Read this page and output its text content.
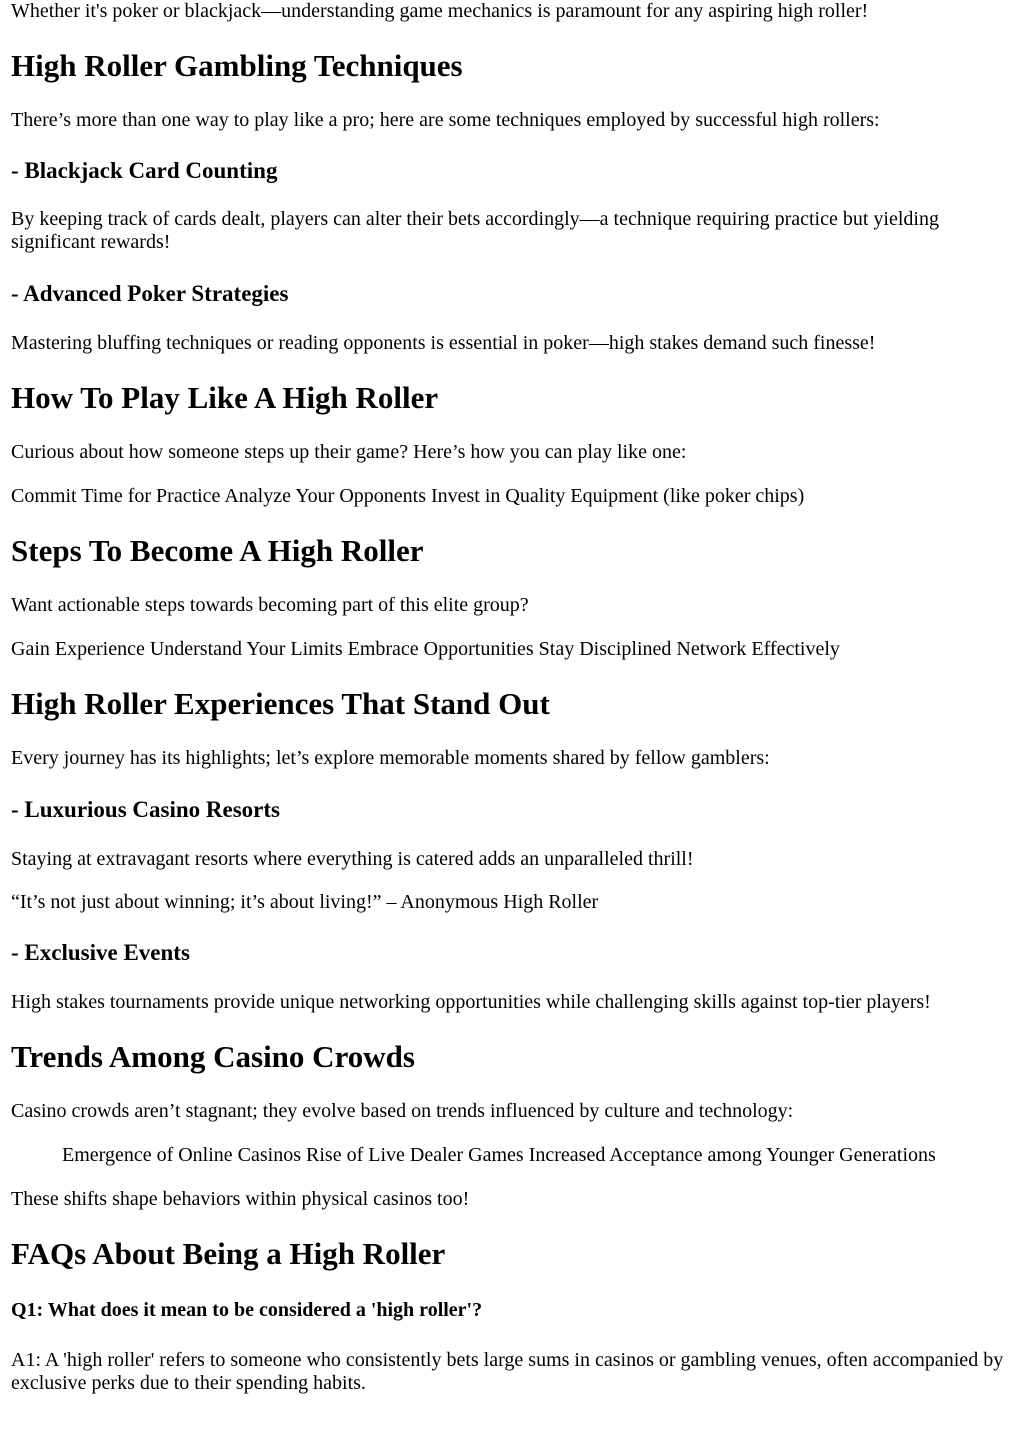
Whether it's poker or blackjack—understanding game mechanics is paramount for any aspiring high roller!

High Roller Gambling Techniques

There’s more than one way to play like a pro; here are some techniques employed by successful high rollers:

- Blackjack Card Counting

By keeping track of cards dealt, players can alter their bets accordingly—a technique requiring practice but yielding significant rewards!

- Advanced Poker Strategies

Mastering bluffing techniques or reading opponents is essential in poker—high stakes demand such finesse!

How To Play Like A High Roller

Curious about how someone steps up their game? Here’s how you can play like one:

Commit Time for Practice Analyze Your Opponents Invest in Quality Equipment (like poker chips)

Steps To Become A High Roller

Want actionable steps towards becoming part of this elite group?

Gain Experience Understand Your Limits Embrace Opportunities Stay Disciplined Network Effectively

High Roller Experiences That Stand Out

Every journey has its highlights; let’s explore memorable moments shared by fellow gamblers:

- Luxurious Casino Resorts

Staying at extravagant resorts where everything is catered adds an unparalleled thrill!

“It’s not just about winning; it’s about living!” – Anonymous High Roller

- Exclusive Events

High stakes tournaments provide unique networking opportunities while challenging skills against top-tier players!

Trends Among Casino Crowds

Casino crowds aren’t stagnant; they evolve based on trends influenced by culture and technology:

Emergence of Online Casinos Rise of Live Dealer Games Increased Acceptance among Younger Generations

These shifts shape behaviors within physical casinos too!

FAQs About Being a High Roller
Q1: What does it mean to be considered a 'high roller'?

A1: A 'high roller' refers to someone who consistently bets large sums in casinos or gambling venues, often accompanied by exclusive perks due to their spending habits.
